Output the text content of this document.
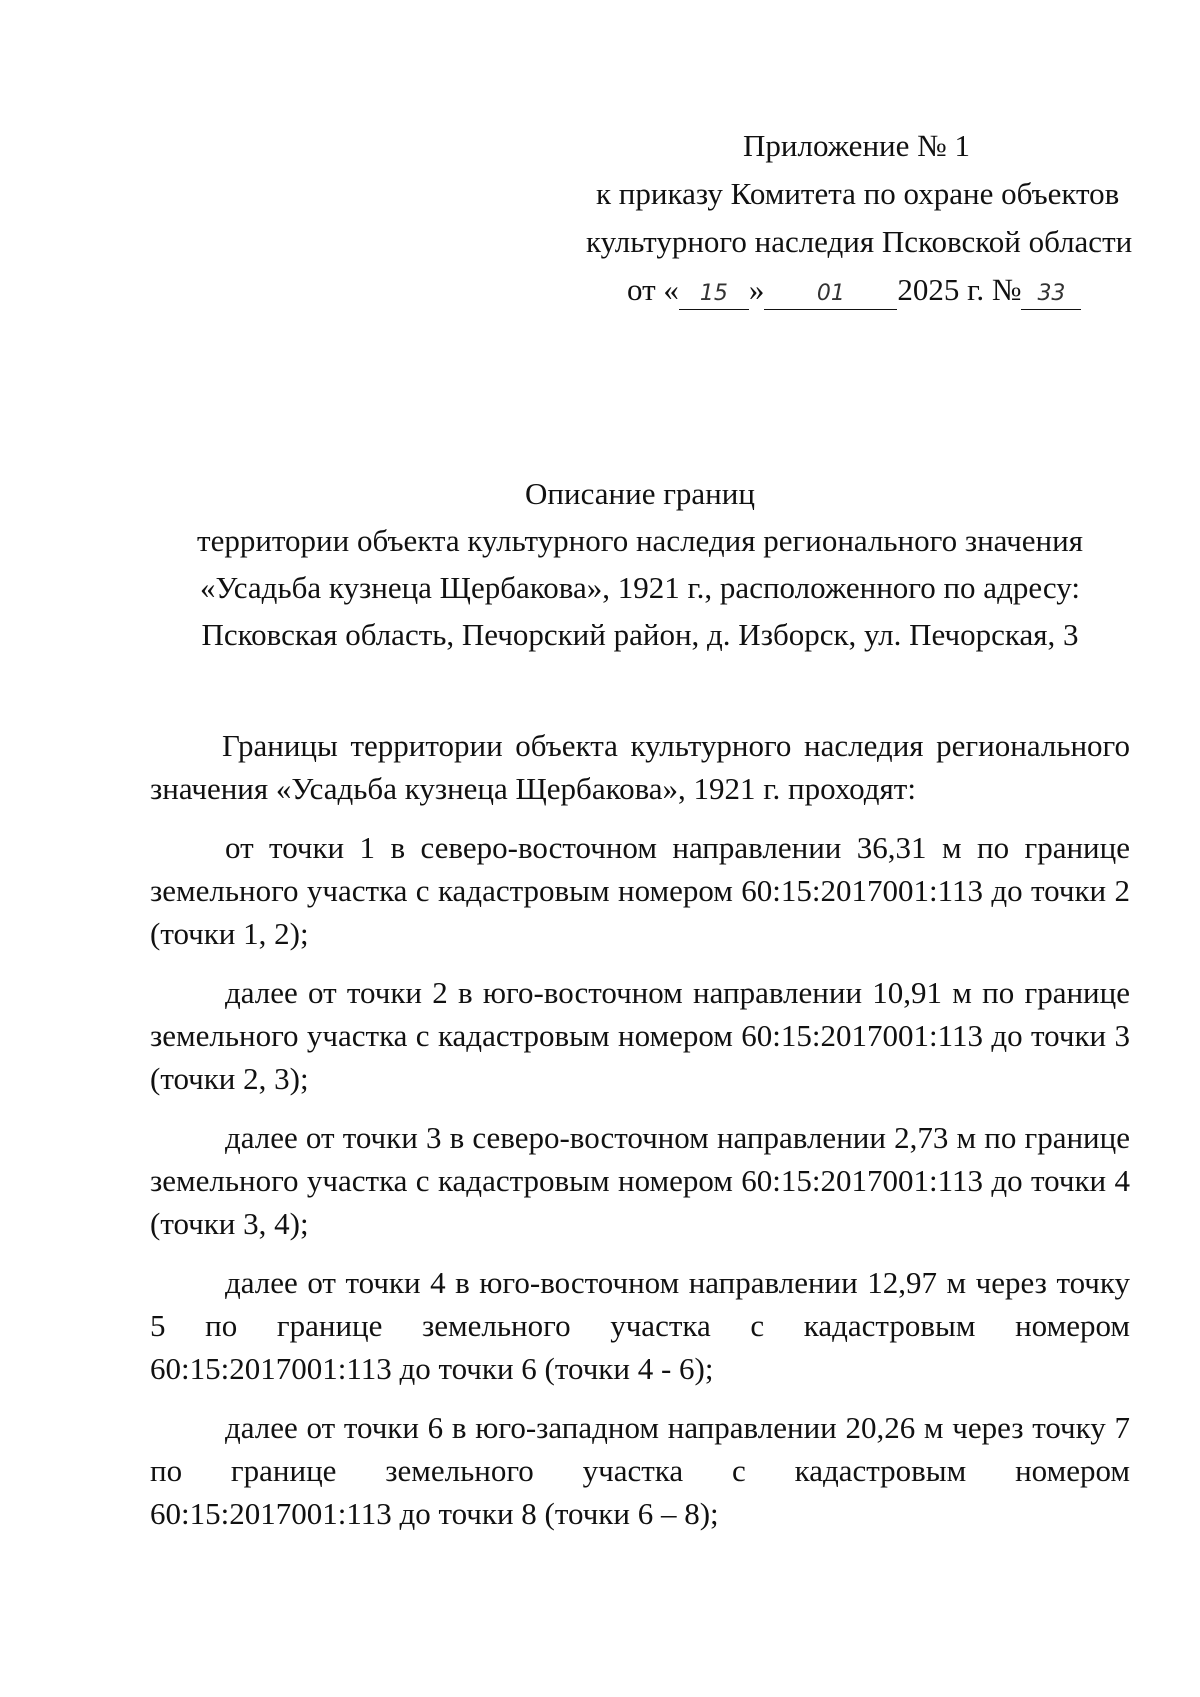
Приложение № 1
к приказу Комитета по охране объектов
культурного наследия Псковской области
от « 15 » 01 2025 г. № 33
Описание границ
территории объекта культурного наследия регионального значения
«Усадьба кузнеца Щербакова», 1921 г., расположенного по адресу:
Псковская область, Печорский район, д. Изборск, ул. Печорская, 3

Границы территории объекта культурного наследия регионального значения «Усадьба кузнеца Щербакова», 1921 г. проходят:

от точки 1 в северо-восточном направлении 36,31 м по границе земельного участка с кадастровым номером 60:15:2017001:113 до точки 2 (точки 1, 2);

далее от точки 2 в юго-восточном направлении 10,91 м по границе земельного участка с кадастровым номером 60:15:2017001:113 до точки 3 (точки 2, 3);

далее от точки 3 в северо-восточном направлении 2,73 м по границе земельного участка с кадастровым номером 60:15:2017001:113 до точки 4 (точки 3, 4);

далее от точки 4 в юго-восточном направлении 12,97 м через точку 5 по границе земельного участка с кадастровым номером 60:15:2017001:113 до точки 6 (точки 4 - 6);

далее от точки 6 в юго-западном направлении 20,26 м через точку 7 по границе земельного участка с кадастровым номером 60:15:2017001:113 до точки 8 (точки 6 – 8);
